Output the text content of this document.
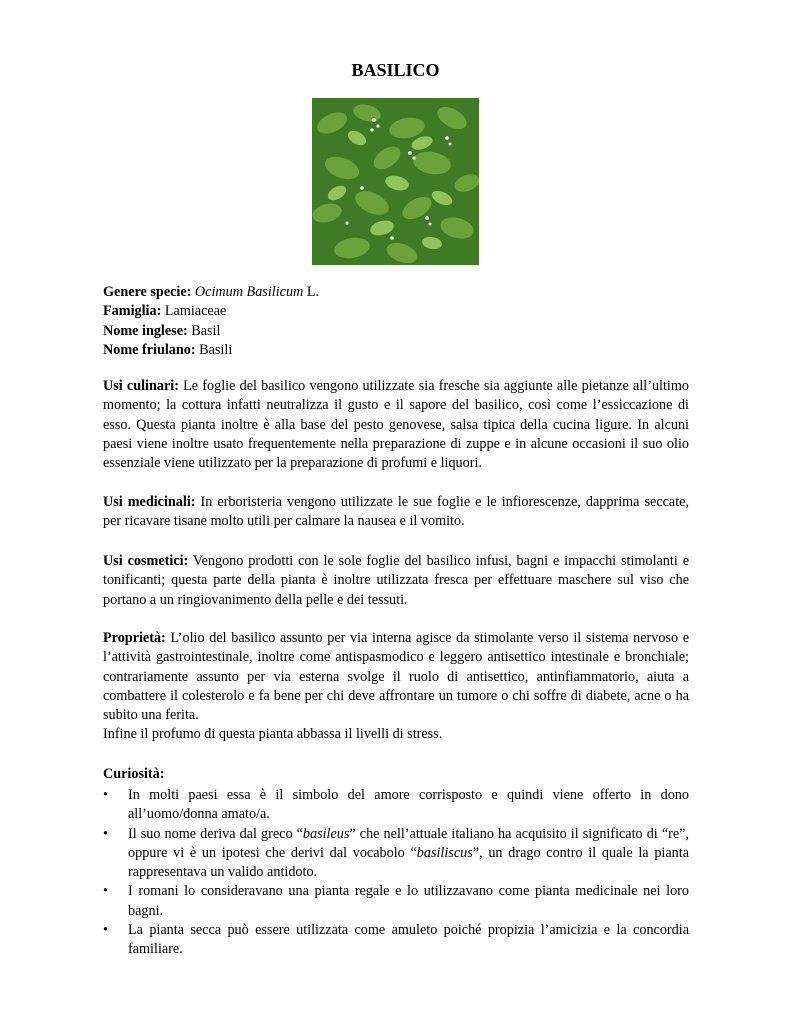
BASILICO
Genere specie: Ocimum Basilicum L.
Famiglia: Lamiaceae
Nome inglese: Basil
Nome friulano: Basili

Usi culinari: Le foglie del basilico vengono utilizzate sia fresche sia aggiunte alle pietanze all’ultimo momento; la cottura infatti neutralizza il gusto e il sapore del basilico, così come l’essiccazione di esso. Questa pianta inoltre è alla base del pesto genovese, salsa tipica della cucina ligure. In alcuni paesi viene inoltre usato frequentemente nella preparazione di zuppe e in alcune occasioni il suo olio essenziale viene utilizzato per la preparazione di profumi e liquori.

Usi medicinali: In erboristeria vengono utilizzate le sue foglie e le infiorescenze, dapprima seccate, per ricavare tisane molto utili per calmare la nausea e il vomito.

Usi cosmetici: Vengono prodotti con le sole foglie del basilico infusi, bagni e impacchi stimolanti e tonificanti; questa parte della pianta è inoltre utilizzata fresca per effettuare maschere sul viso che portano a un ringiovanimento della pelle e dei tessuti.

Proprietà: L’olio del basilico assunto per via interna agisce da stimolante verso il sistema nervoso e l’attività gastrointestinale, inoltre come antispasmodico e leggero antisettico intestinale e bronchiale; contrariamente assunto per via esterna svolge il ruolo di antisettico, antinfiammatorio, aiuta a combattere il colesterolo e fa bene per chi deve affrontare un tumore o chi soffre di diabete, acne o ha subito una ferita.

Infine il profumo di questa pianta abbassa il livelli di stress.

Curiosità:

• In molti paesi essa è il simbolo del amore corrisposto e quindi viene offerto in dono all’uomo/donna amato/a.

• Il suo nome deriva dal greco “basileus” che nell’attuale italiano ha acquisito il significato di “re”, oppure vi è un ipotesi che derivi dal vocabolo “basiliscus”, un drago contro il quale la pianta rappresentava un valido antidoto.

• I romani lo consideravano una pianta regale e lo utilizzavano come pianta medicinale nei loro bagni.

• La pianta secca può essere utilizzata come amuleto poiché propizia l’amicizia e la concordia familiare.
